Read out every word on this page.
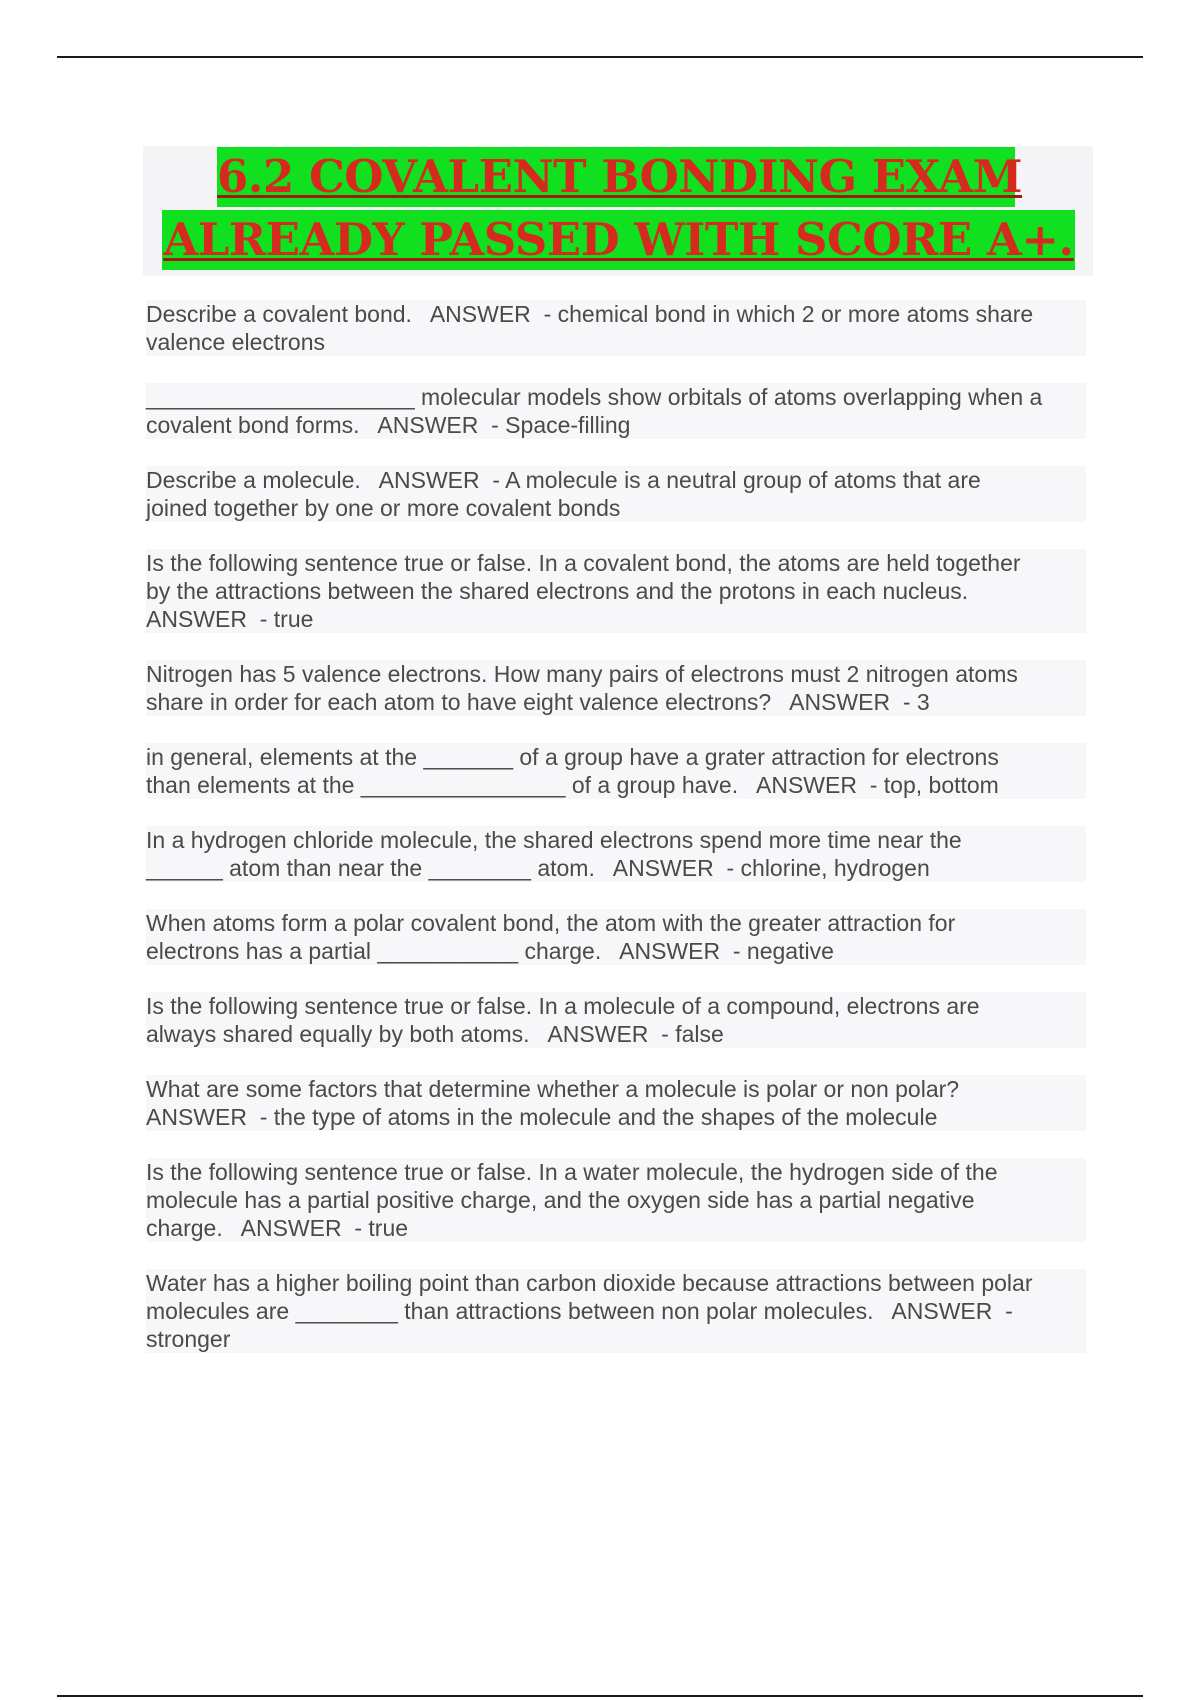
6.2 COVALENT BONDING EXAM
ALREADY PASSED WITH SCORE A+.

Describe a covalent bond.   ANSWER  - chemical bond in which 2 or more atoms share
valence electrons

_____________________ molecular models show orbitals of atoms overlapping when a
covalent bond forms.   ANSWER  - Space-filling

Describe a molecule.   ANSWER  - A molecule is a neutral group of atoms that are
joined together by one or more covalent bonds

Is the following sentence true or false. In a covalent bond, the atoms are held together
by the attractions between the shared electrons and the protons in each nucleus.
ANSWER  - true

Nitrogen has 5 valence electrons. How many pairs of electrons must 2 nitrogen atoms
share in order for each atom to have eight valence electrons?   ANSWER  - 3

in general, elements at the _______ of a group have a grater attraction for electrons
than elements at the ________________ of a group have.   ANSWER  - top, bottom

In a hydrogen chloride molecule, the shared electrons spend more time near the
______ atom than near the ________ atom.   ANSWER  - chlorine, hydrogen

When atoms form a polar covalent bond, the atom with the greater attraction for
electrons has a partial ___________ charge.   ANSWER  - negative

Is the following sentence true or false. In a molecule of a compound, electrons are
always shared equally by both atoms.   ANSWER  - false

What are some factors that determine whether a molecule is polar or non polar?
ANSWER  - the type of atoms in the molecule and the shapes of the molecule

Is the following sentence true or false. In a water molecule, the hydrogen side of the
molecule has a partial positive charge, and the oxygen side has a partial negative
charge.   ANSWER  - true

Water has a higher boiling point than carbon dioxide because attractions between polar
molecules are ________ than attractions between non polar molecules.   ANSWER  -
stronger
